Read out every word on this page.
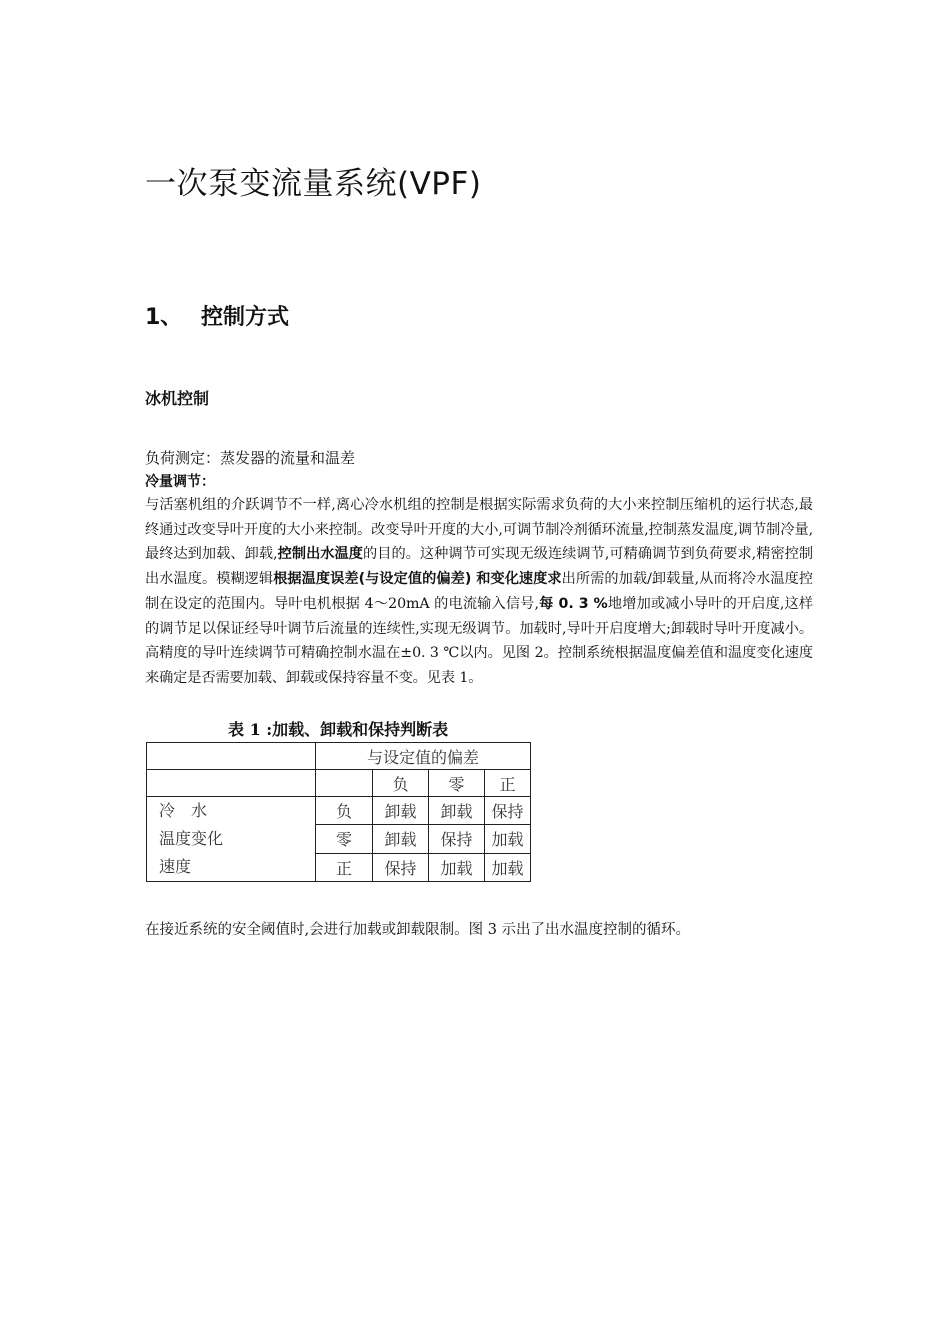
一次泵变流量系统(VPF)
1、 控制方式
冰机控制

负荷测定：蒸发器的流量和温差

冷量调节：

与活塞机组的介跃调节不一样,离心冷水机组的控制是根据实际需求负荷的大小来控制压缩机的运行状态,最终通过改变导叶开度的大小来控制。改变导叶开度的大小,可调节制冷剂循环流量,控制蒸发温度,调节制冷量,最终达到加载、卸载,控制出水温度的目的。这种调节可实现无级连续调节,可精确调节到负荷要求,精密控制出水温度。模糊逻辑根据温度误差(与设定值的偏差) 和变化速度求出所需的加载/卸载量,从而将冷水温度控制在设定的范围内。导叶电机根据 4～20mA 的电流输入信号,每 0. 3 %地增加或减小导叶的开启度,这样的调节足以保证经导叶调节后流量的连续性,实现无级调节。加载时,导叶开启度增大;卸载时导叶开度减小。高精度的导叶连续调节可精确控制水温在±0. 3 ℃以内。见图 2。控制系统根据温度偏差值和温度变化速度来确定是否需要加载、卸载或保持容量不变。见表 1。

表 1 :加载、卸载和保持判断表

	与设定值的偏差			
		负	零	正

冷　水
温度变化
速度	负	卸载	卸载	保持
	零	卸载	保持	加载
	正	保持	加载	加载

在接近系统的安全阈值时,会进行加载或卸载限制。图 3 示出了出水温度控制的循环。
